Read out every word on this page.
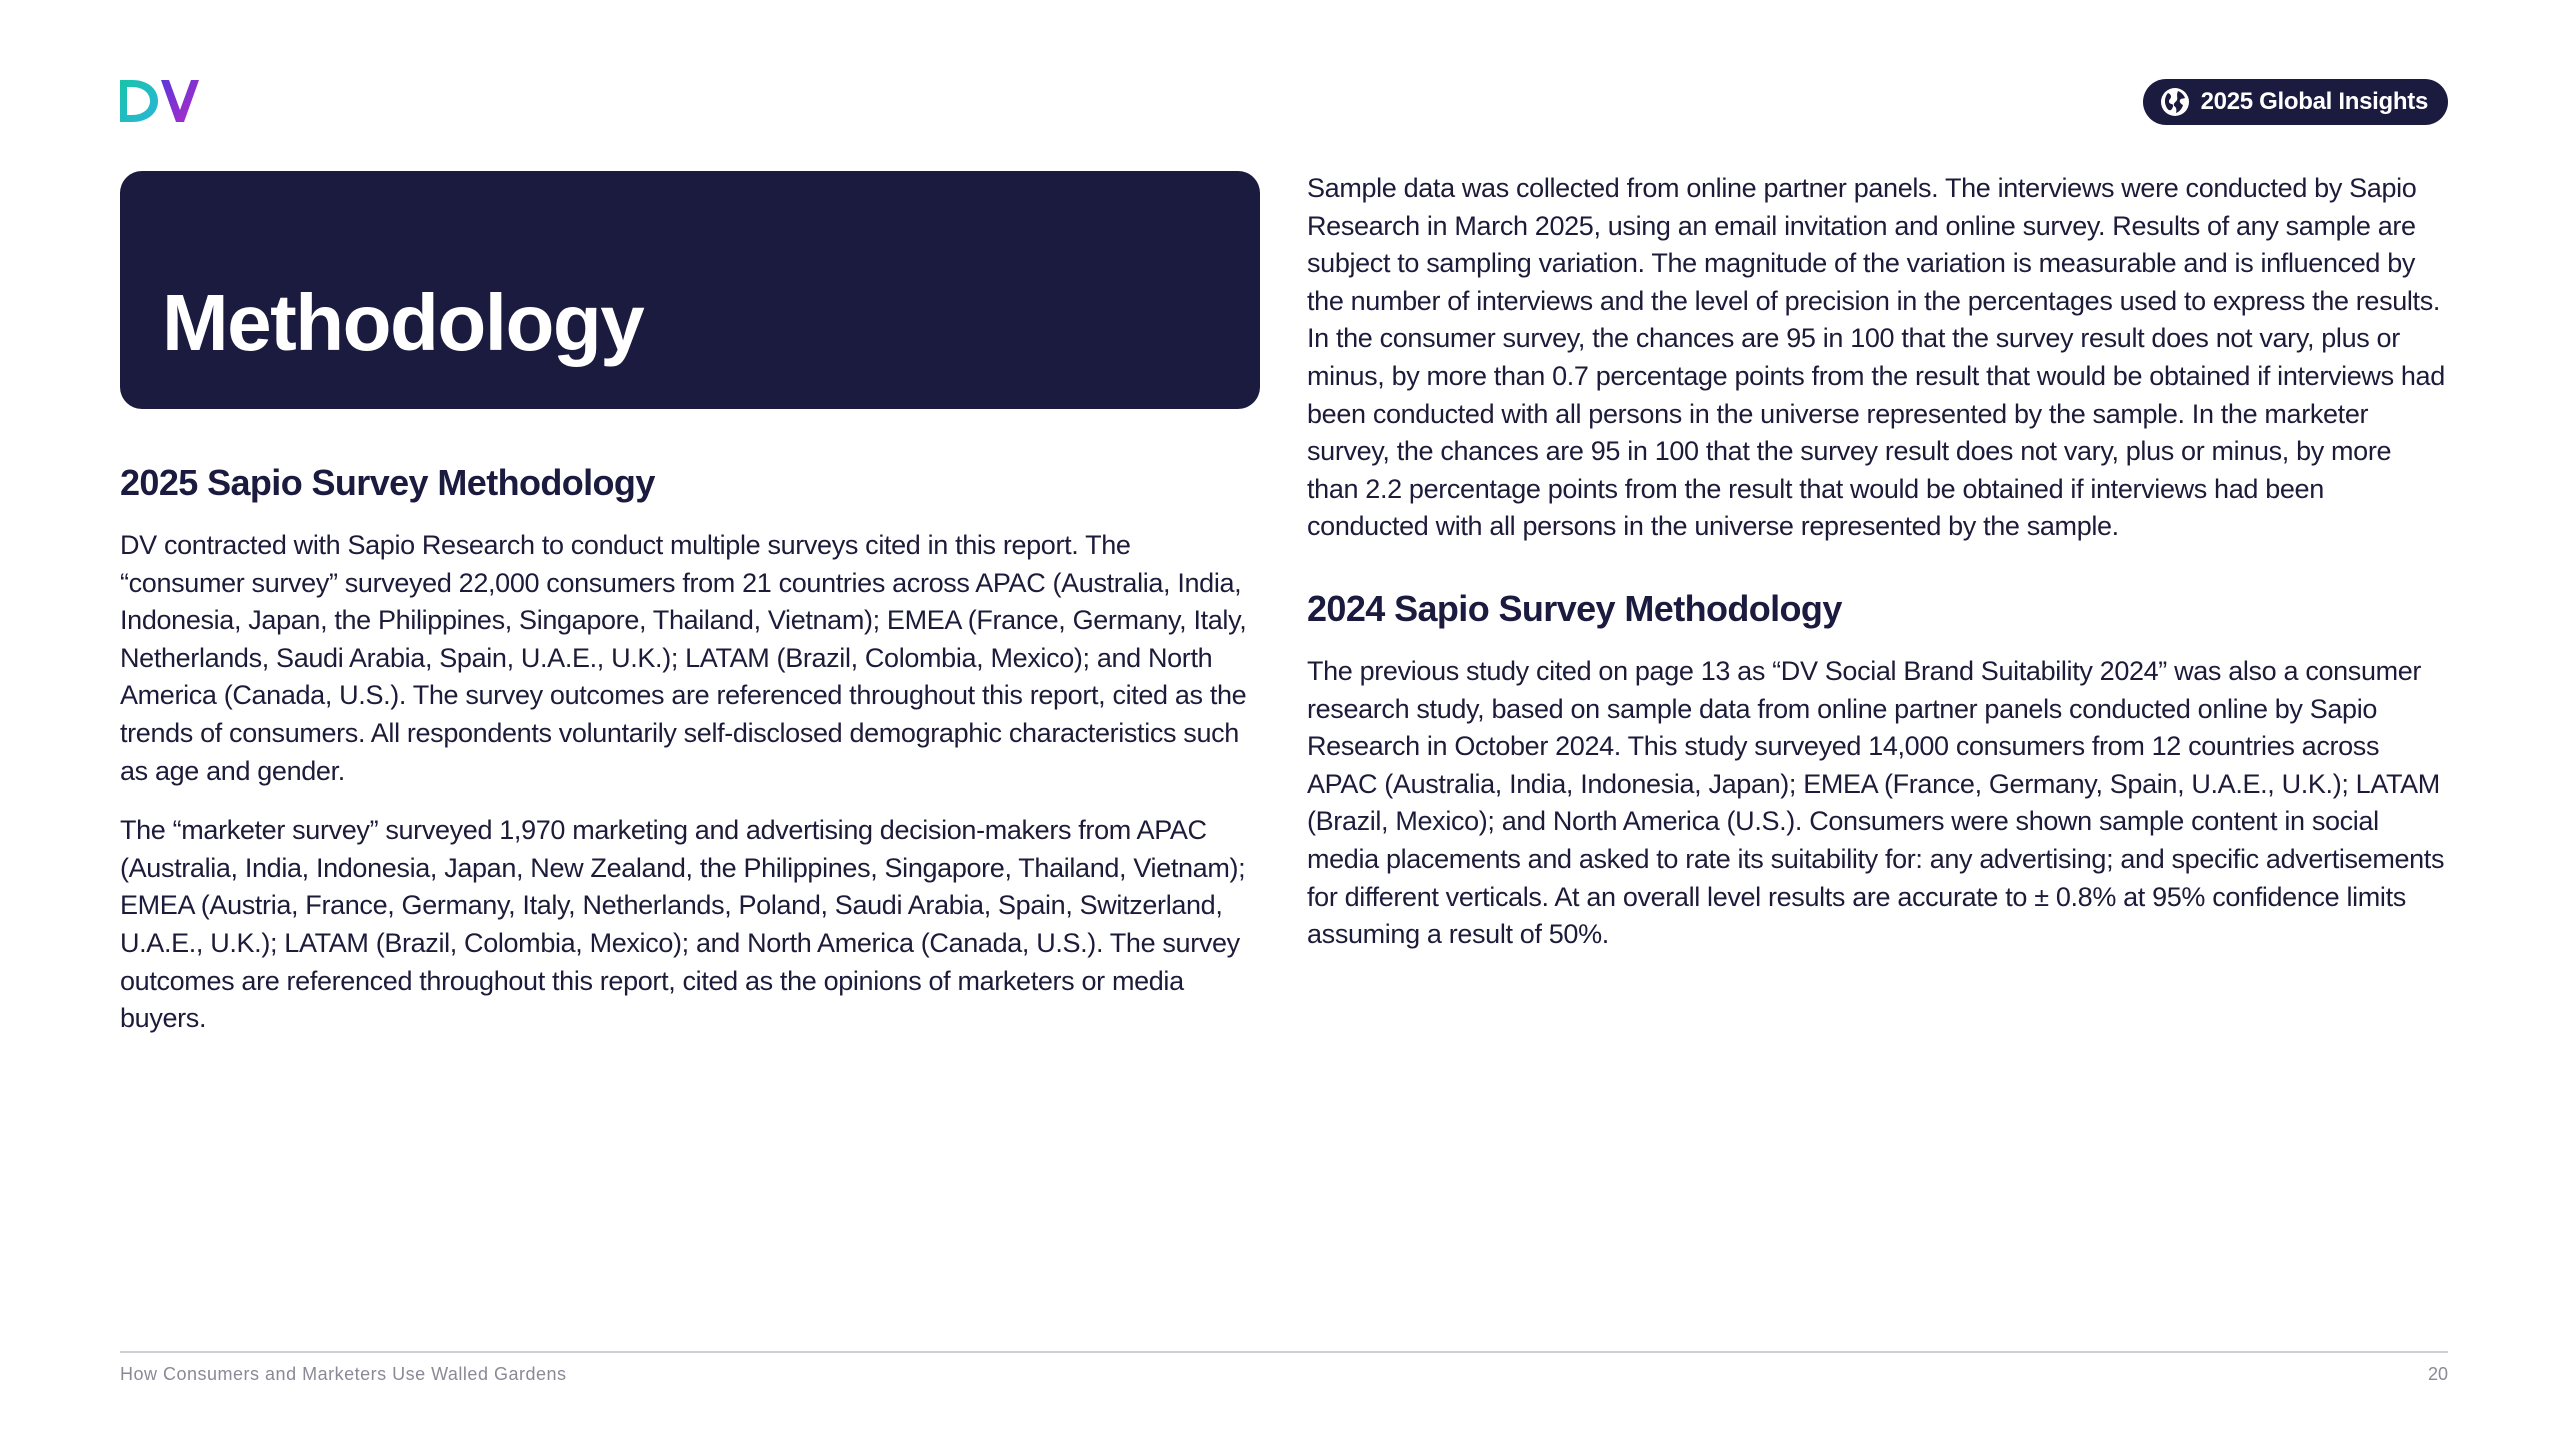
2025 Global Insights
Methodology
2025 Sapio Survey Methodology

DV contracted with Sapio Research to conduct multiple surveys cited in this report. The “consumer survey” surveyed 22,000 consumers from 21 countries across APAC (Australia, India, Indonesia, Japan, the Philippines, Singapore, Thailand, Vietnam); EMEA (France, Germany, Italy, Netherlands, Saudi Arabia, Spain, U.A.E., U.K.); LATAM (Brazil, Colombia, Mexico); and North America (Canada, U.S.). The survey outcomes are referenced throughout this report, cited as the trends of consumers. All respondents voluntarily self-disclosed demographic characteristics such as age and gender.

The “marketer survey” surveyed 1,970 marketing and advertising decision-makers from APAC (Australia, India, Indonesia, Japan, New Zealand, the Philippines, Singapore, Thailand, Vietnam); EMEA (Austria, France, Germany, Italy, Netherlands, Poland, Saudi Arabia, Spain, Switzerland, U.A.E., U.K.); LATAM (Brazil, Colombia, Mexico); and North America (Canada, U.S.). The survey outcomes are referenced throughout this report, cited as the opinions of marketers or media buyers.

Sample data was collected from online partner panels. The interviews were conducted by Sapio Research in March 2025, using an email invitation and online survey. Results of any sample are subject to sampling variation. The magnitude of the variation is measurable and is influenced by the number of interviews and the level of precision in the percentages used to express the results. In the consumer survey, the chances are 95 in 100 that the survey result does not vary, plus or minus, by more than 0.7 percentage points from the result that would be obtained if interviews had been conducted with all persons in the universe represented by the sample. In the marketer survey, the chances are 95 in 100 that the survey result does not vary, plus or minus, by more than 2.2 percentage points from the result that would be obtained if interviews had been conducted with all persons in the universe represented by the sample.

2024 Sapio Survey Methodology

The previous study cited on page 13 as “DV Social Brand Suitability 2024” was also a consumer research study, based on sample data from online partner panels conducted online by Sapio Research in October 2024. This study surveyed 14,000 consumers from 12 countries across APAC (Australia, India, Indonesia, Japan); EMEA (France, Germany, Spain, U.A.E., U.K.); LATAM (Brazil, Mexico); and North America (U.S.). Consumers were shown sample content in social media placements and asked to rate its suitability for: any advertising; and specific advertisements for different verticals. At an overall level results are accurate to ± 0.8% at 95% confidence limits assuming a result of 50%.

How Consumers and Marketers Use Walled Gardens	20
